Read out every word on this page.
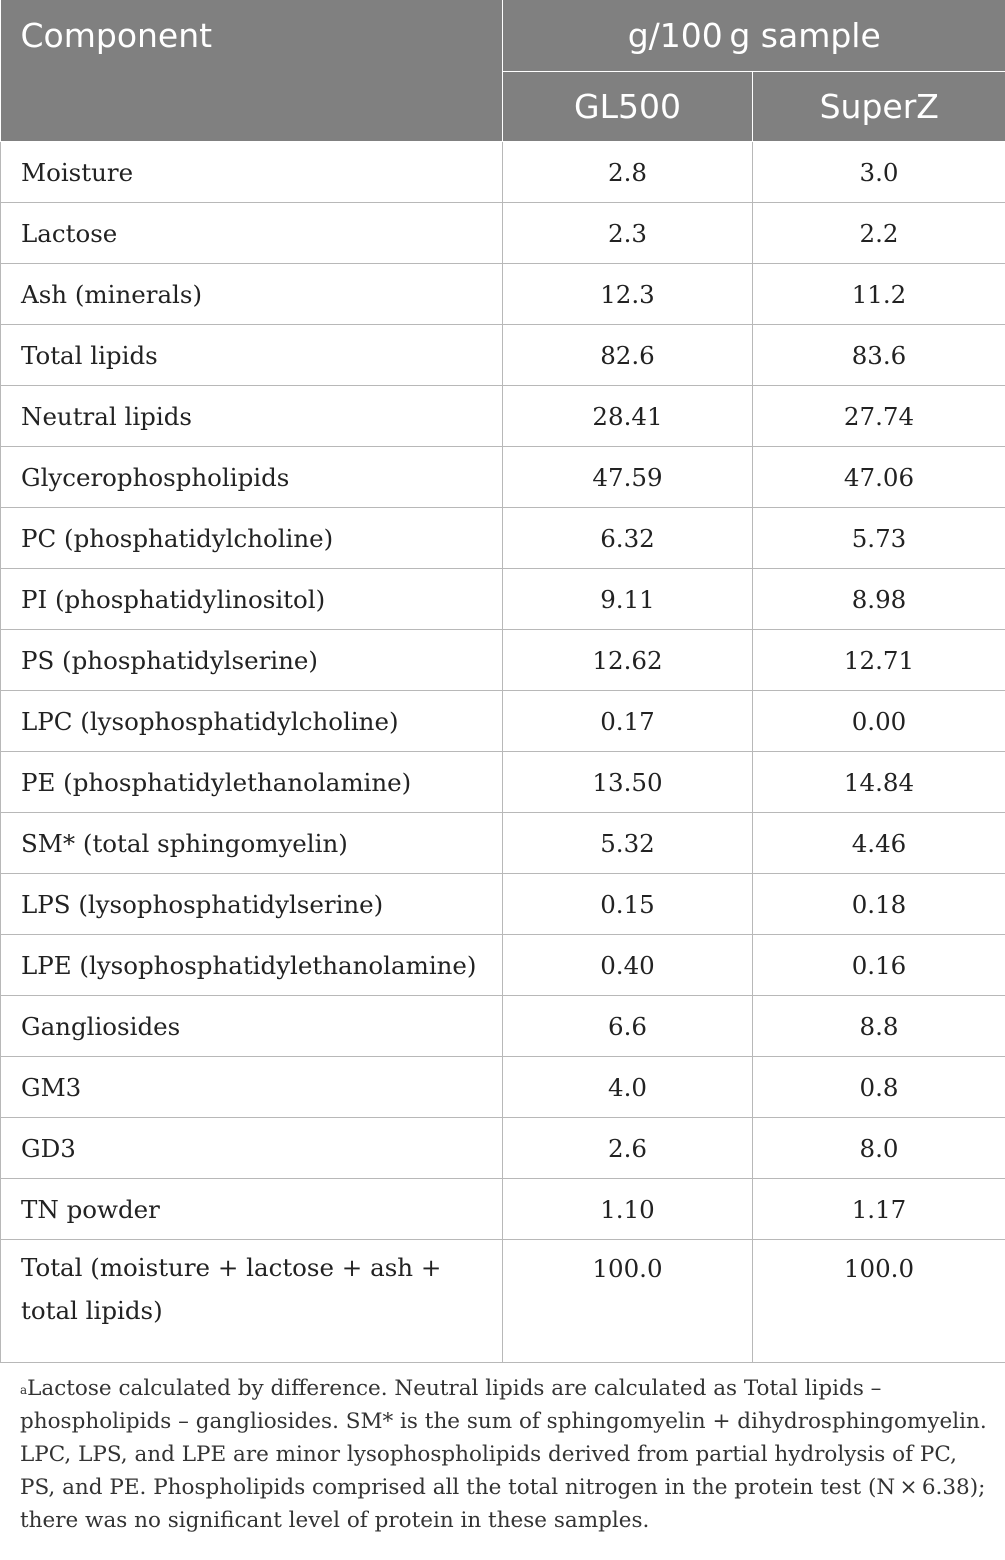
Component	g/100 g sample	
	GL500	SuperZ
Moisture	2.8	3.0
Lactose	2.3	2.2
Ash (minerals)	12.3	11.2
Total lipids	82.6	83.6
Neutral lipids	28.41	27.74
Glycerophospholipids	47.59	47.06
PC (phosphatidylcholine)	6.32	5.73
PI (phosphatidylinositol)	9.11	8.98
PS (phosphatidylserine)	12.62	12.71
LPC (lysophosphatidylcholine)	0.17	0.00
PE (phosphatidylethanolamine)	13.50	14.84
SM* (total sphingomyelin)	5.32	4.46
LPS (lysophosphatidylserine)	0.15	0.18
LPE (lysophosphatidylethanolamine)	0.40	0.16
Gangliosides	6.6	8.8
GM3	4.0	0.8
GD3	2.6	8.0
TN powder	1.10	1.17
Total (moisture + lactose + ash + total lipids)	100.0	100.0
$^a$Lactose calculated by difference. Neutral lipids are calculated as Total lipids – phospholipids – gangliosides. SM* is the sum of sphingomyelin + dihydrosphingomyelin. LPC, LPS, and LPE are minor lysophospholipids derived from partial hydrolysis of PC, PS, and PE. Phospholipids comprised all the total nitrogen in the protein test (N × 6.38); there was no significant level of protein in these samples.
